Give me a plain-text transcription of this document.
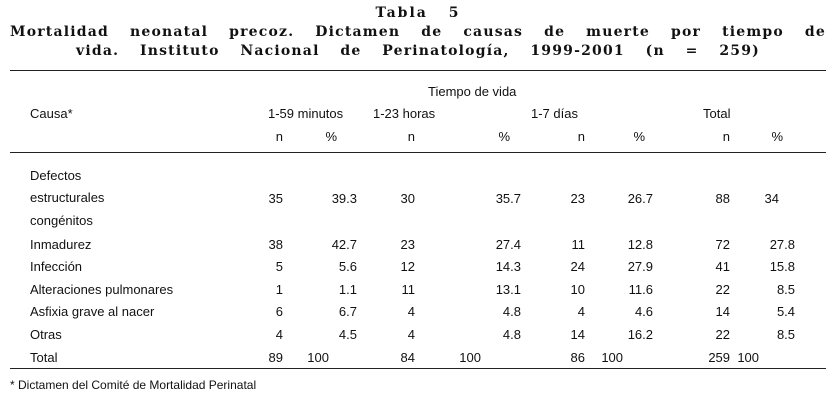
Tabla 5
Mortalidad neonatal precoz. Dictamen de causas de muerte por tiempo de
vida. Instituto Nacional de Perinatología, 1999-2001 (n = 259)
				Tiempo de vida					
Causa*	1-59 minutos		1-23 horas		1-7 días		Total		
	n	%	n	%	n	%	n	%	

Defectos
estructurales
congénitos	35	39.3	30	35.7	23	26.7	88	34	
Inmadurez	38	42.7	23	27.4	11	12.8	72	27.8	
Infección	5	5.6	12	14.3	24	27.9	41	15.8	
Alteraciones pulmonares	1	1.1	11	13.1	10	11.6	22	8.5	
Asfixia grave al nacer	6	6.7	4	4.8	4	4.6	14	5.4	
Otras	4	4.5	4	4.8	14	16.2	22	8.5	
Total	89	100	84	100	86	100	259	100	
* Dictamen del Comité de Mortalidad Perinatal
